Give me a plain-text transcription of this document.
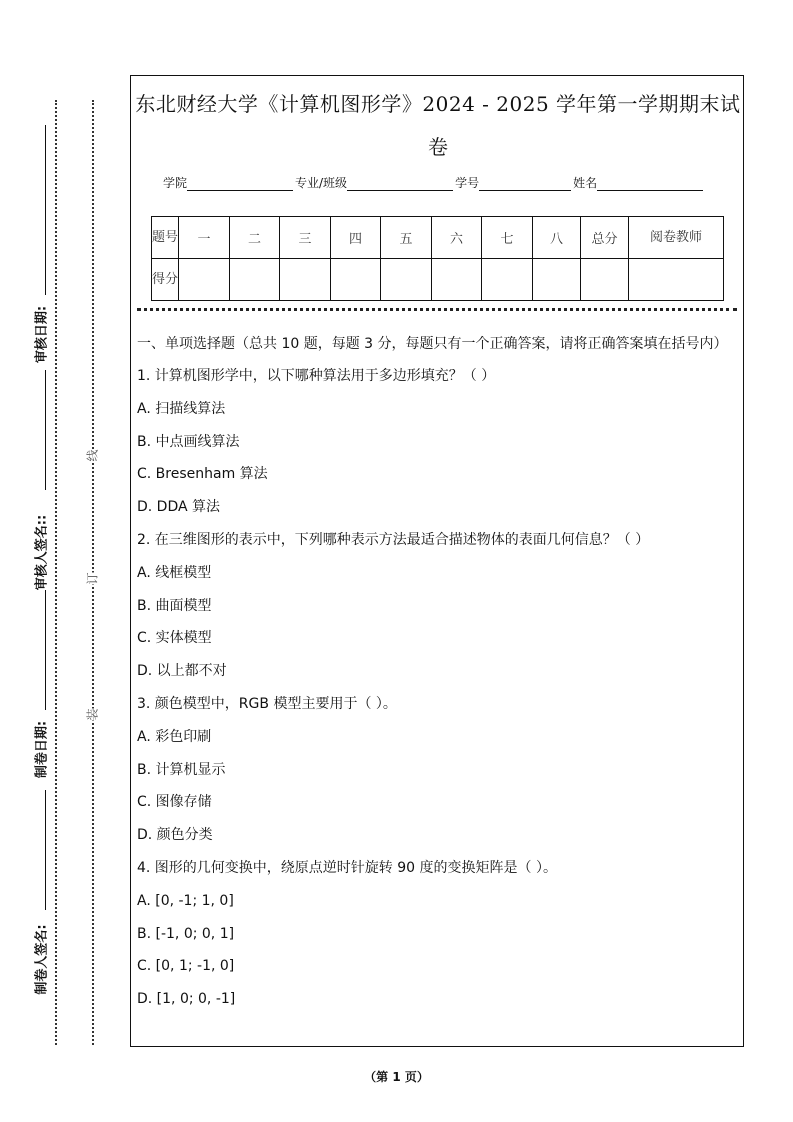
制卷人签名:
制卷日期:
审核人签名::
审核日期:
装
订
线
东北财经大学《计算机图形学》2024 - 2025 学年第一学期期末试
卷
学院	专业/班级	学号	姓名
题号	一	二	三	四	五	六	七	八	总分	阅卷教师
得分										
一、单项选择题（总共 10 题，每题 3 分，每题只有一个正确答案，请将正确答案填在括号内）
1. 计算机图形学中，以下哪种算法用于多边形填充？（ ）
A. 扫描线算法
B. 中点画线算法
C. Bresenham 算法
D. DDA 算法
2. 在三维图形的表示中，下列哪种表示方法最适合描述物体的表面几何信息？（ ）
A. 线框模型
B. 曲面模型
C. 实体模型
D. 以上都不对
3. 颜色模型中，RGB 模型主要用于（ ）。
A. 彩色印刷
B. 计算机显示
C. 图像存储
D. 颜色分类
4. 图形的几何变换中，绕原点逆时针旋转 90 度的变换矩阵是（ ）。
A. [0, -1; 1, 0]
B. [-1, 0; 0, 1]
C. [0, 1; -1, 0]
D. [1, 0; 0, -1]
（第 1 页）
